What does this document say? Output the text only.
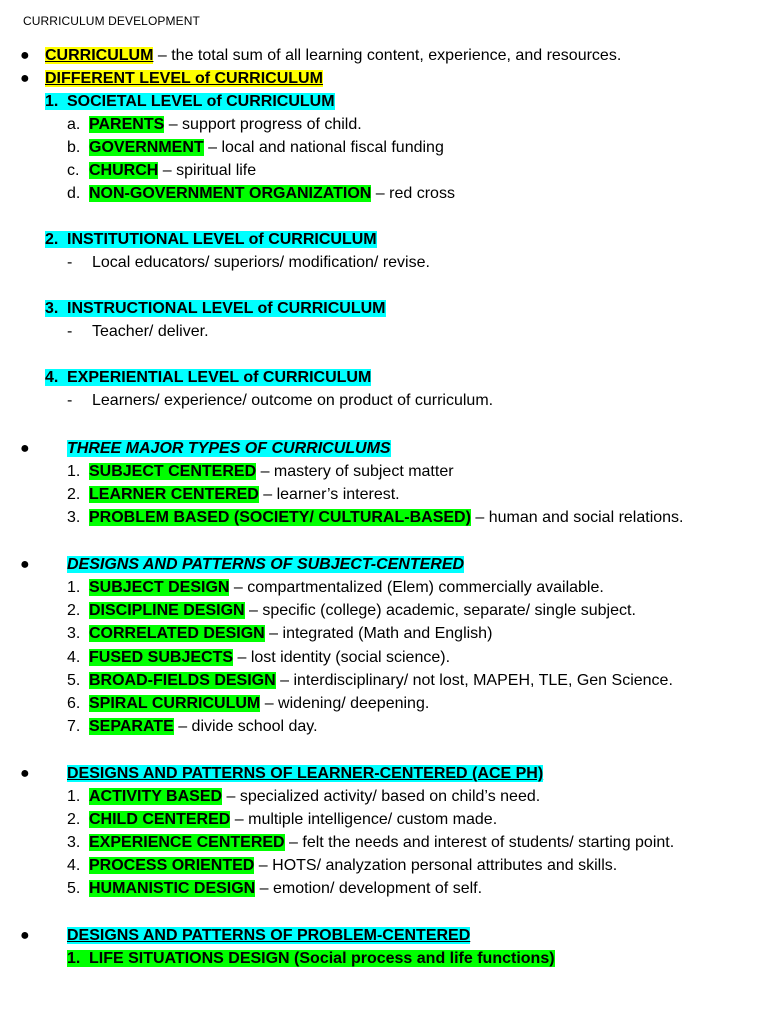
CURRICULUM DEVELOPMENT
● CURRICULUM – the total sum of all learning content, experience, and resources.
● DIFFERENT LEVEL of CURRICULUM
1. SOCIETAL LEVEL of CURRICULUM
a. PARENTS – support progress of child.
b. GOVERNMENT – local and national fiscal funding
c. CHURCH – spiritual life
d. NON-GOVERNMENT ORGANIZATION – red cross
2. INSTITUTIONAL LEVEL of CURRICULUM
- Local educators/ superiors/ modification/ revise.
3. INSTRUCTIONAL LEVEL of CURRICULUM
- Teacher/ deliver.
4. EXPERIENTIAL LEVEL of CURRICULUM
- Learners/ experience/ outcome on product of curriculum.
● THREE MAJOR TYPES OF CURRICULUMS
1. SUBJECT CENTERED – mastery of subject matter
2. LEARNER CENTERED – learner’s interest.
3. PROBLEM BASED (SOCIETY/ CULTURAL-BASED) – human and social relations.
● DESIGNS AND PATTERNS OF SUBJECT-CENTERED
1. SUBJECT DESIGN – compartmentalized (Elem) commercially available.
2. DISCIPLINE DESIGN – specific (college) academic, separate/ single subject.
3. CORRELATED DESIGN – integrated (Math and English)
4. FUSED SUBJECTS – lost identity (social science).
5. BROAD-FIELDS DESIGN – interdisciplinary/ not lost, MAPEH, TLE, Gen Science.
6. SPIRAL CURRICULUM – widening/ deepening.
7. SEPARATE – divide school day.
● DESIGNS AND PATTERNS OF LEARNER-CENTERED (ACE PH)
1. ACTIVITY BASED – specialized activity/ based on child’s need.
2. CHILD CENTERED – multiple intelligence/ custom made.
3. EXPERIENCE CENTERED – felt the needs and interest of students/ starting point.
4. PROCESS ORIENTED – HOTS/ analyzation personal attributes and skills.
5. HUMANISTIC DESIGN – emotion/ development of self.
● DESIGNS AND PATTERNS OF PROBLEM-CENTERED
1. LIFE SITUATIONS DESIGN (Social process and life functions)
